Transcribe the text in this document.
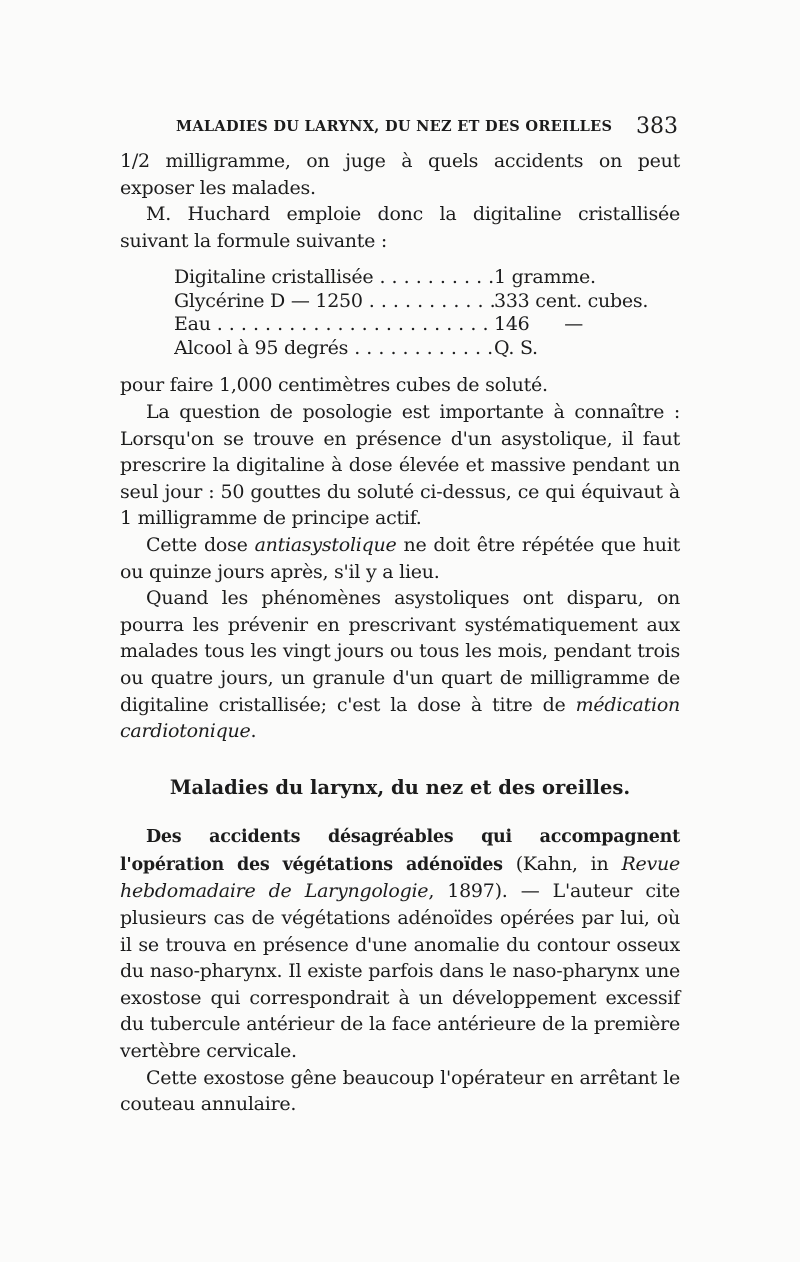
MALADIES DU LARYNX, DU NEZ ET DES OREILLES 383

1/2 milligramme, on juge à quels accidents on peut exposer les malades.

M. Huchard emploie donc la digitaline cristallisée suivant la formule suivante :

Digitaline cristallisée . . .	1 gramme.
Glycérine D — 1250 . . .	333 cent. cubes.
Eau . . .	146      —
Alcool à 95 degrés . . .	Q. S.

pour faire 1,000 centimètres cubes de soluté.

La question de posologie est importante à connaître : Lorsqu'on se trouve en présence d'un asystolique, il faut prescrire la digitaline à dose élevée et massive pendant un seul jour : 50 gouttes du soluté ci-dessus, ce qui équivaut à 1 milligramme de principe actif.

Cette dose antiasystolique ne doit être répétée que huit ou quinze jours après, s'il y a lieu.

Quand les phénomènes asystoliques ont disparu, on pourra les prévenir en prescrivant systématiquement aux malades tous les vingt jours ou tous les mois, pendant trois ou quatre jours, un granule d'un quart de milligramme de digitaline cristallisée; c'est la dose à titre de médication cardiotonique.

Maladies du larynx, du nez et des oreilles.

Des accidents désagréables qui accompagnent l'opération des végétations adénoïdes (Kahn, in Revue hebdomadaire de Laryngologie, 1897). — L'auteur cite plusieurs cas de végétations adénoïdes opérées par lui, où il se trouva en présence d'une anomalie du contour osseux du naso-pharynx. Il existe parfois dans le naso-pharynx une exostose qui correspondrait à un développement excessif du tubercule antérieur de la face antérieure de la première vertèbre cervicale.

Cette exostose gêne beaucoup l'opérateur en arrêtant le couteau annulaire.
